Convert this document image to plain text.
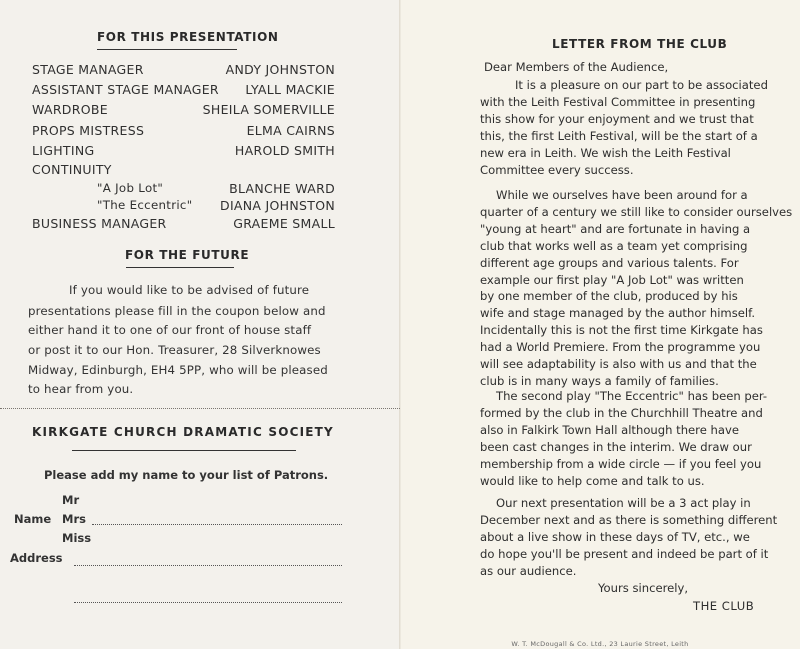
FOR THIS PRESENTATION
STAGE MANAGER	ANDY JOHNSTON
ASSISTANT STAGE MANAGER LYALL MACKIE
WARDROBE	SHEILA SOMERVILLE
PROPS MISTRESS	ELMA CAIRNS
LIGHTING	HAROLD SMITH
CONTINUITY
"A Job Lot"	BLANCHE WARD
"The Eccentric" DIANA JOHNSTON
BUSINESS MANAGER	GRAEME SMALL
FOR THE FUTURE
If you would like to be advised of future
presentations please fill in the coupon below and
either hand it to one of our front of house staff
or post it to our Hon. Treasurer, 28 Silverknowes
Midway, Edinburgh, EH4 5PP, who will be pleased
to hear from you.
KIRKGATE CHURCH DRAMATIC SOCIETY
Please add my name to your list of Patrons.
Mr
Name Mrs
Miss
Address
LETTER FROM THE CLUB
Dear Members of the Audience,
It is a pleasure on our part to be associated
with the Leith Festival Committee in presenting
this show for your enjoyment and we trust that
this, the first Leith Festival, will be the start of a
new era in Leith. We wish the Leith Festival
Committee every success.
While we ourselves have been around for a
quarter of a century we still like to consider ourselves
"young at heart" and are fortunate in having a
club that works well as a team yet comprising
different age groups and various talents. For
example our first play "A Job Lot" was written
by one member of the club, produced by his
wife and stage managed by the author himself.
Incidentally this is not the first time Kirkgate has
had a World Premiere. From the programme you
will see adaptability is also with us and that the
club is in many ways a family of families.
The second play "The Eccentric" has been per-
formed by the club in the Churchhill Theatre and
also in Falkirk Town Hall although there have
been cast changes in the interim. We draw our
membership from a wide circle — if you feel you
would like to help come and talk to us.
Our next presentation will be a 3 act play in
December next and as there is something different
about a live show in these days of TV, etc., we
do hope you'll be present and indeed be part of it
as our audience.
Yours sincerely,
THE CLUB
W. T. McDougall & Co. Ltd., 23 Laurie Street, Leith
